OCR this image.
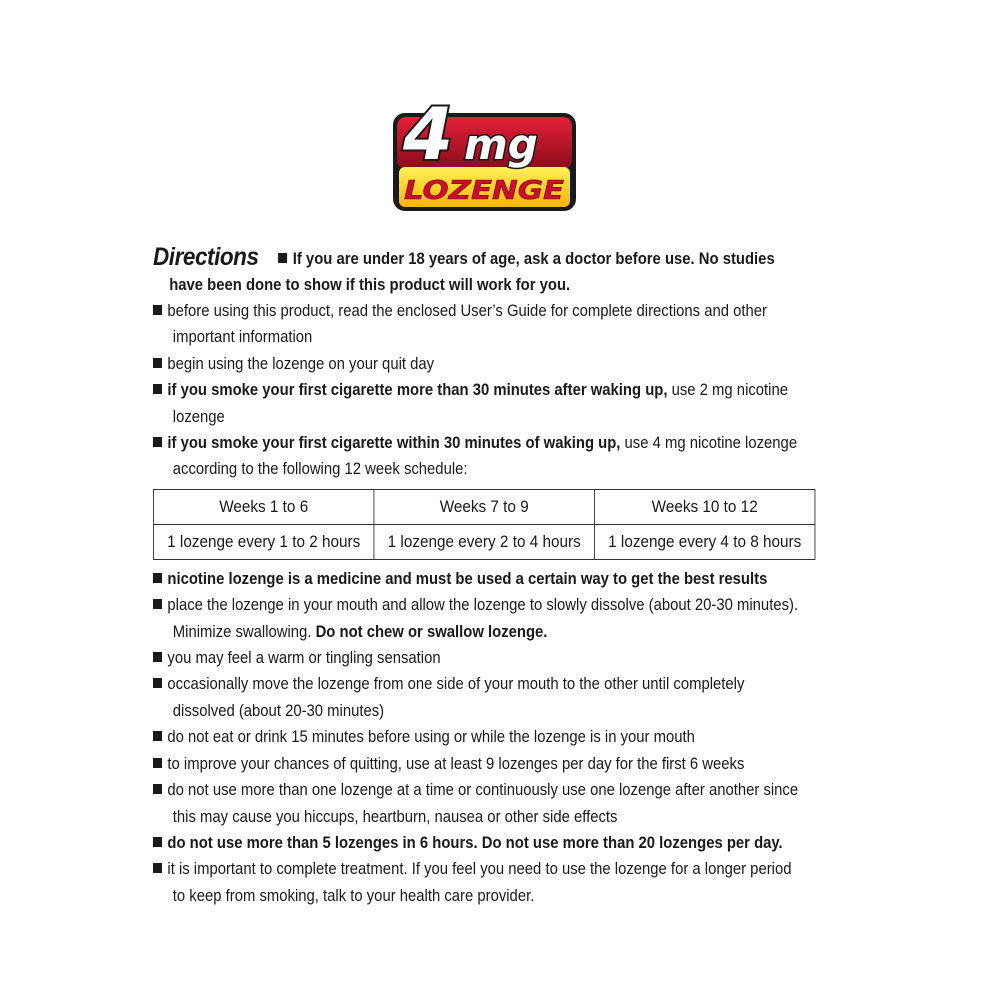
4 mg
LOZENGE

Directions If you are under 18 years of age, ask a doctor before use. No studies have been done to show if this product will work for you.

before using this product, read the enclosed User’s Guide for complete directions and other important information

begin using the lozenge on your quit day

if you smoke your first cigarette more than 30 minutes after waking up, use 2 mg nicotine lozenge

if you smoke your first cigarette within 30 minutes of waking up, use 4 mg nicotine lozenge according to the following 12 week schedule:

Weeks 1 to 6	Weeks 7 to 9	Weeks 10 to 12
1 lozenge every 1 to 2 hours	1 lozenge every 2 to 4 hours	1 lozenge every 4 to 8 hours

nicotine lozenge is a medicine and must be used a certain way to get the best results

place the lozenge in your mouth and allow the lozenge to slowly dissolve (about 20-30 minutes). Minimize swallowing. Do not chew or swallow lozenge.

you may feel a warm or tingling sensation

occasionally move the lozenge from one side of your mouth to the other until completely dissolved (about 20-30 minutes)

do not eat or drink 15 minutes before using or while the lozenge is in your mouth

to improve your chances of quitting, use at least 9 lozenges per day for the first 6 weeks

do not use more than one lozenge at a time or continuously use one lozenge after another since this may cause you hiccups, heartburn, nausea or other side effects

do not use more than 5 lozenges in 6 hours. Do not use more than 20 lozenges per day.

it is important to complete treatment. If you feel you need to use the lozenge for a longer period to keep from smoking, talk to your health care provider.
